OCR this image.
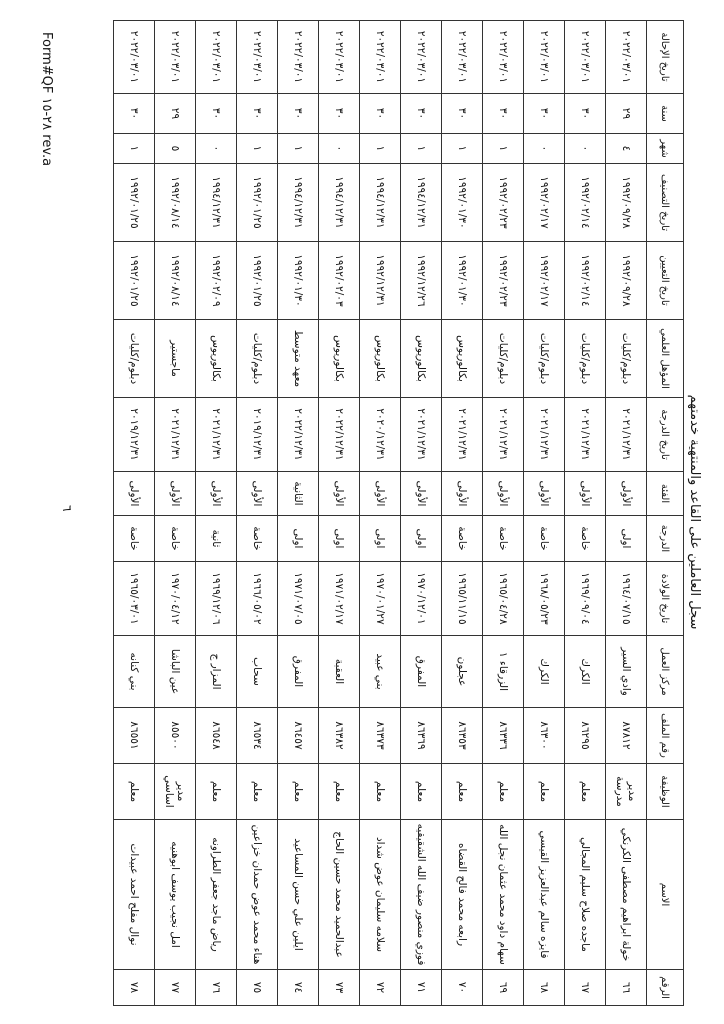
سجل العاملين على القاعد والمنتهية خدمتهم
الرقم	الاسم	الوظيفة	رقم الملف	مركز العمل	تاريخ الولادة	الدرجة	الفئة	تاريخ الدرجة	المؤهل العلمي	تاريخ التعيين	تاريخ التصنيف	شهر	سنة	تاريخ الإحالة
٦٦	خولة ابراهيم مصطفى الكرنكي	مدير مدرسة	٨٧٨١٢	وادي السير	١٩٦٤/٠٧/١٥	اولى	الأولى	٢٠٢١/١٢/٣١	دبلوم/كليات	١٩٩٢/٠٩/٢٨	١٩٩٢/٠٩/٢٨	٤	٢٩	٢٠٢٢/٠٣/٠١
٦٧	ماجده صلاح سليم المجالي	معلم	٨٦٢٩٥	الكرك	١٩٦٩/٠٩/٠٤	خاصة	الأولى	٢٠٢١/١٢/٣١	دبلوم/كليات	١٩٩٢/٠٢/١٤	١٩٩٢/٠٢/١٤	٠	٣٠	٢٠٢٢/٠٣/٠١
٦٨	فايزه سالم عبدالعزيز القيسي	معلم	٨٦٣٠٠	الكرك	١٩٦٨/٠٥/٢٣	خاصة	الأولى	٢٠٢١/١٢/٣١	دبلوم/كليات	١٩٩٢/٠٢/١٧	١٩٩٢/٠٢/١٧	٠	٣٠	٢٠٢٢/٠٣/٠١
٦٩	سهام داود محمد عثمان نجل الله	معلم	٨٦٣٣٦	الزرقاء ١	١٩٦٥/٠٤/٢٨	خاصة	الأولى	٢٠٢١/١٢/٣١	دبلوم/كليات	١٩٩٢/٠٢/٢٣	١٩٩٢/٠٢/٢٣	١	٣٠	٢٠٢٢/٠٣/٠١
٧٠	رابعه محمد فالح القضاه	معلم	٨٦٣٥٣	عجلون	١٩٦٥/١١/١٥	خاصة	الأولى	٢٠٢١/١٢/٣١	بكالوريوس	١٩٩٢/٠١/٣٠	١٩٩٢/٠١/٣٠	١	٣٠	٢٠٢٢/٠٣/٠١
٧١	فوزي منصور ضيف الله الشقيقيه	معلم	٨٦٣٦٩	المفرق	١٩٧٠/١٢/٠١	اولى	الأولى	٢٠٢١/١٢/٣١	بكالوريوس	١٩٩٢/١٢/٢٦	١٩٩٤/١٢/٣١	١	٣٠	٢٠٢٢/٠٣/٠١
٧٢	سلامه سليمان عوض شداد	معلم	٨٦٣٧٣	بني عبيد	١٩٧٠/٠١/٢٧	اولى	الأولى	٢٠٢٠/١٢/٣١	بكالوريوس	١٩٩٢/١٢/٣١	١٩٩٤/١٢/٣١	١	٣٠	٢٠٢٢/٠٣/٠١
٧٣	عبدالحميد محمد حسين الحاج	معلم	٨٦٣٨٢	العقبة	١٩٧١/٠٢/١٧	اولى	الأولى	٢٠٢٢/١٢/٣١	بكالوريوس	١٩٩٢/٠٢/٠٣	١٩٩٤/١٢/٣١	٠	٣٠	٢٠٢٢/٠٣/٠١
٧٤	ايلين علي حسن المساعيد	معلم	٨٦٤٥٧	المفرق	١٩٧١/٠٧/٠٥	اولى	الثانية	٢٠٢٢/١٢/٣١	معهد متوسط	١٩٩٢/٠١/٣٠	١٩٩٤/١٢/٣١	١	٣٠	٢٠٢٢/٠٣/٠١
٧٥	هناء محمد عوض حمدان خزاعين	معلم	٨٦٥٣٤	سحاب	١٩٦٦/٠٥/٠٢	خاصة	الأولى	٢٠١٩/١٢/٣١	دبلوم/كليات	١٩٩٢/٠١/٢٥	١٩٩٢/٠١/٢٥	١	٣٠	٢٠٢٢/٠٣/٠١
٧٦	رياض ماجد جعفر الطراونه	معلم	٨٦٥٤٨	المزار ج	١٩٦٩/١٢/٠٦	ثانية	الأولى	٢٠٢١/١٢/٣١	بكالوريوس	١٩٩٢/٠٢/٠٩	١٩٩٤/١٢/٣١	٠	٣٠	٢٠٢٢/٠٣/٠١
٧٧	امل نجيب يوسف ابوهنيه	مدير اساسي	٨٥٥٠٠	عين الباشا	١٩٧٠/٠٤/١٢	خاصة	الأولى	٢٠٢١/١٢/٣١	ماجستير	١٩٩٢/٠٨/١٤	١٩٩٢/٠٨/١٤	٥	٢٩	٢٠٢٢/٠٣/٠١
٧٨	نوال مفلح احمد عبيدات	معلم	٨٦٥٥١	بني كنانه	١٩٦٥/٠٣/٠١	خاصة	الأولى	٢٠١٩/١٢/٣١	دبلوم/كليات	١٩٩٢/٠١/٢٥	١٩٩٢/٠١/٢٥	١	٣٠	٢٠٢٢/٠٣/٠١
٦
Form#QF ٢٨-١٥ rev.a
